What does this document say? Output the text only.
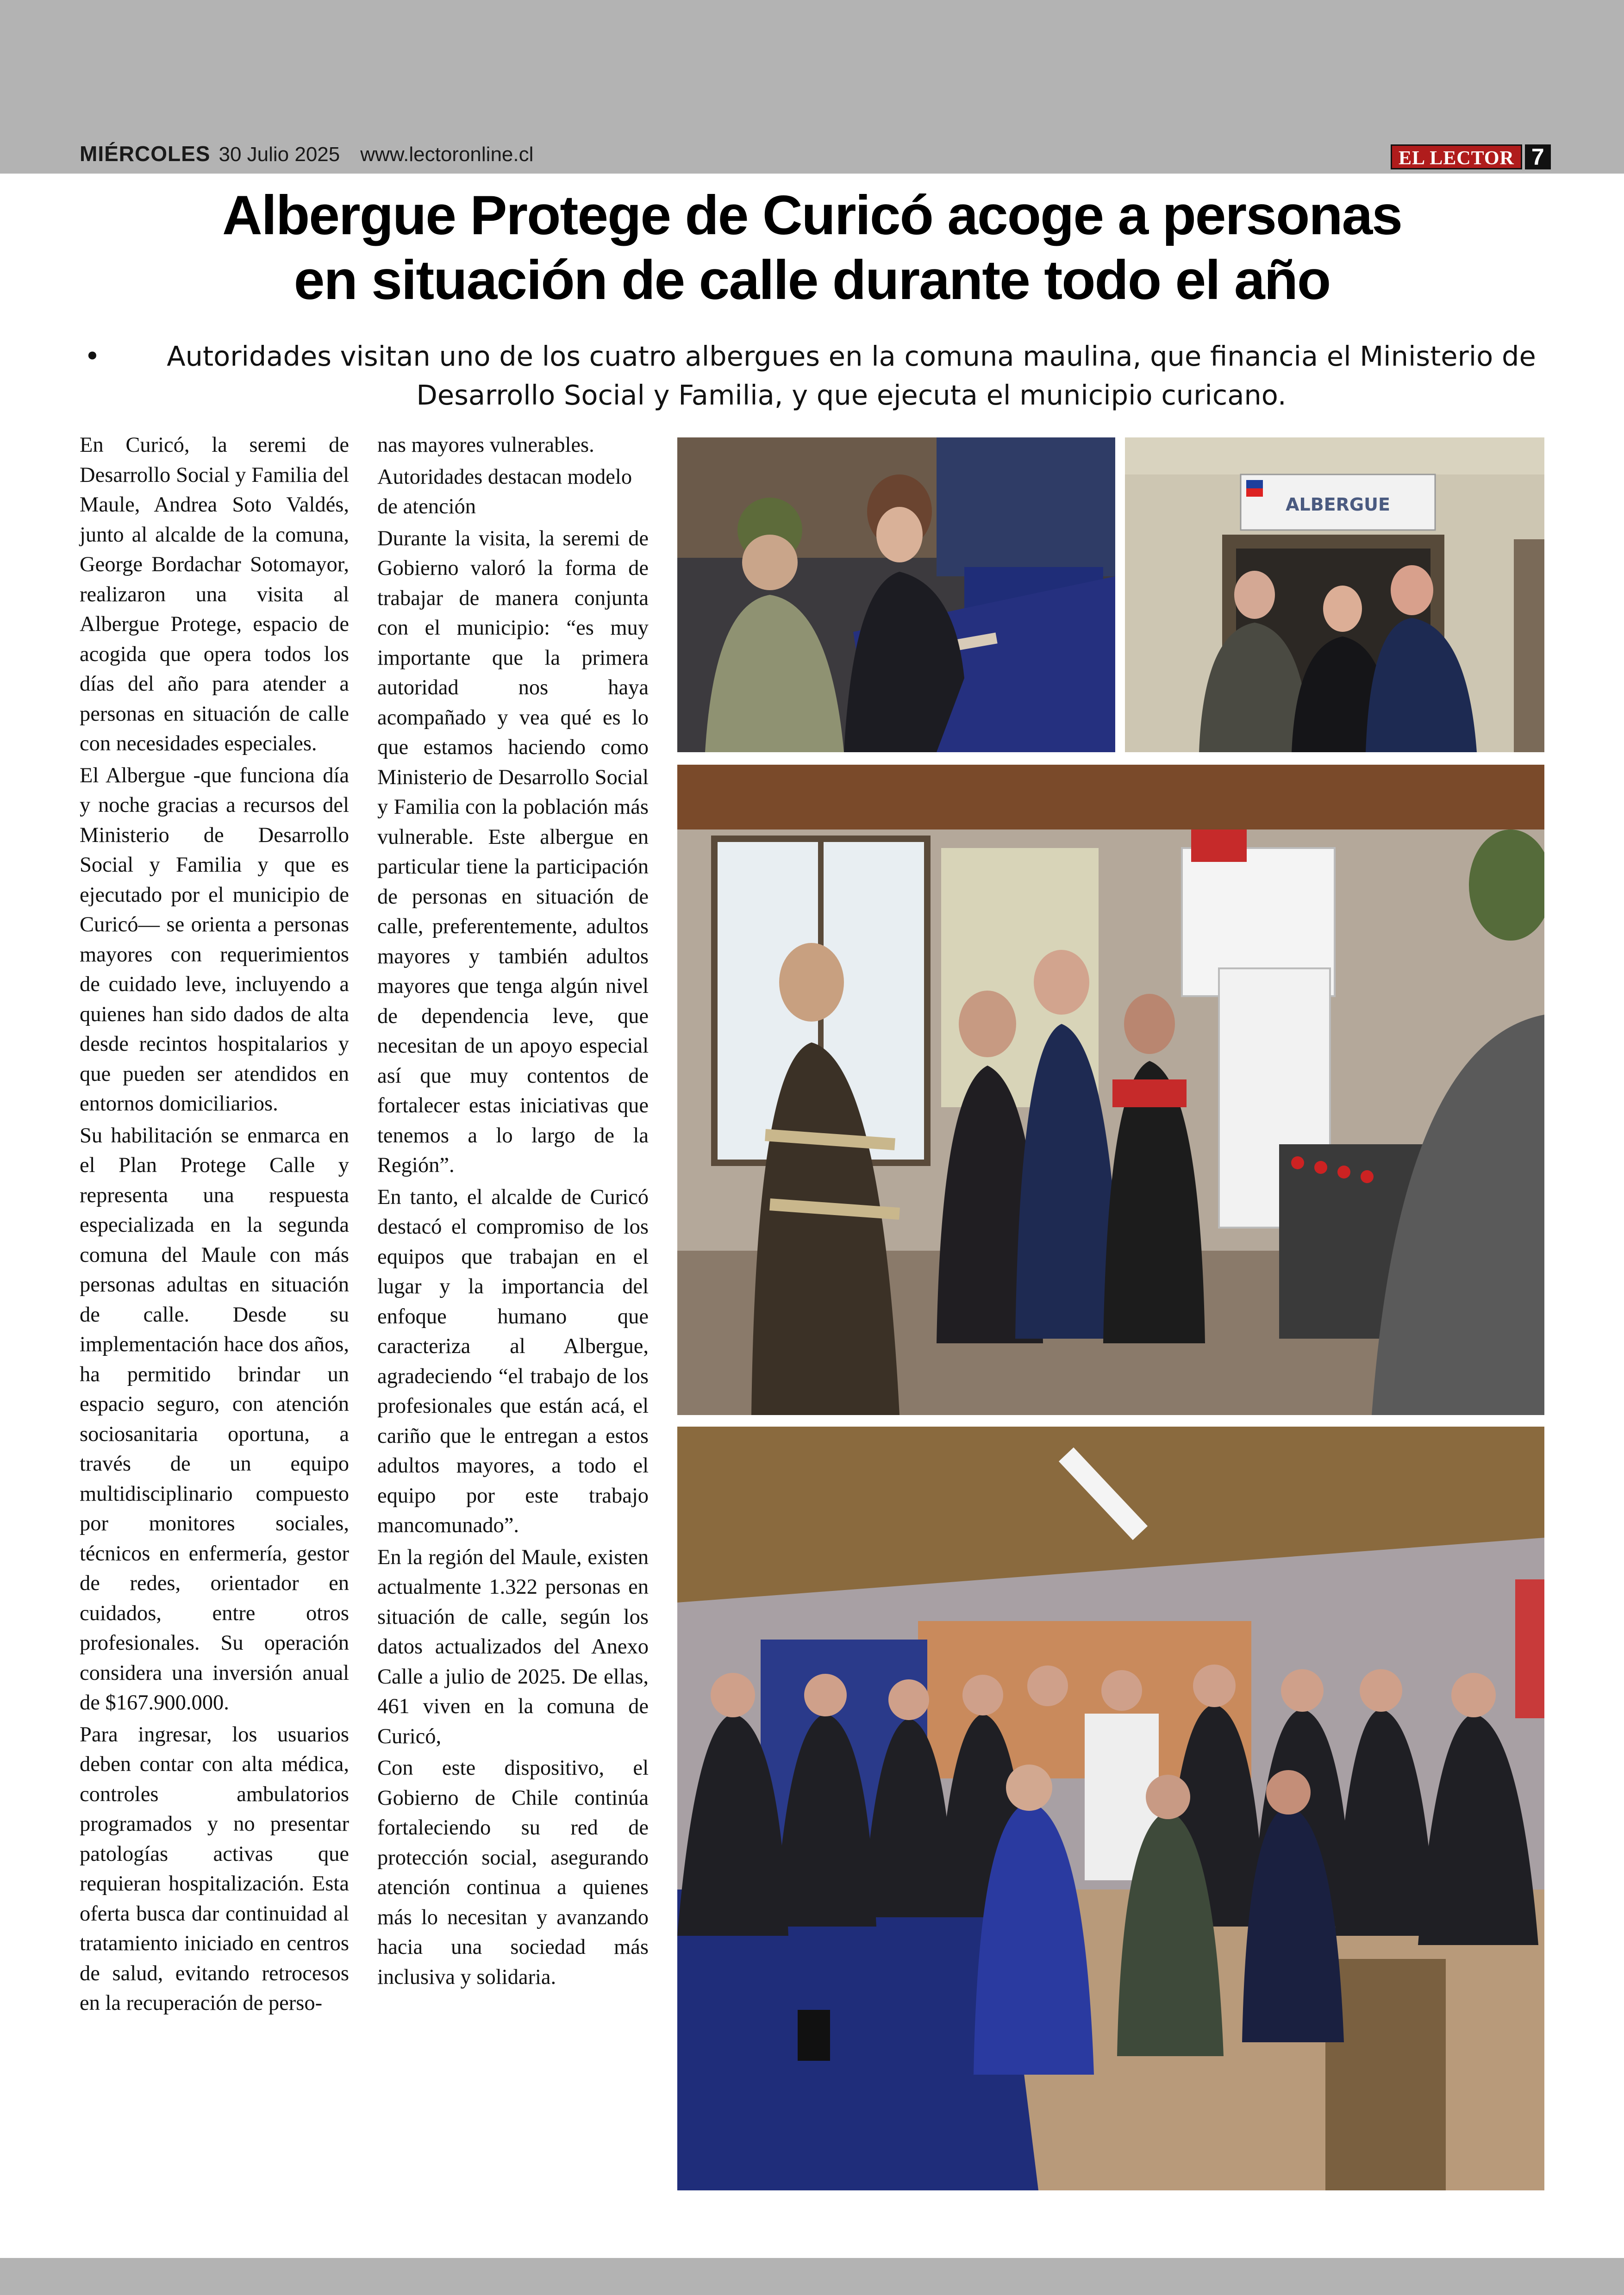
MIÉRCOLES 30 Julio 2025 www.lectoronline.cl	EL LECTOR 7
Albergue Protege de Curicó acoge a personas
en situación de calle durante todo el año
•	Autoridades visitan uno de los cuatro albergues en la comuna maulina, que financia el Ministerio de Desarrollo Social y Familia, y que ejecuta el municipio curicano.

En Curicó, la seremi de Desarrollo Social y Familia del Maule, Andrea Soto Valdés, junto al alcalde de la comuna, George Bordachar Sotomayor, realizaron una visita al Albergue Protege, espacio de acogida que opera todos los días del año para atender a personas en situación de calle con necesidades especiales.

El Albergue -que funciona día y noche gracias a recursos del Ministerio de Desarrollo Social y Familia y que es ejecutado por el municipio de Curicó— se orienta a personas mayores con requerimientos de cuidado leve, incluyendo a quienes han sido dados de alta desde recintos hospitalarios y que pueden ser atendidos en entornos domiciliarios.

Su habilitación se enmarca en el Plan Protege Calle y representa una respuesta especializada en la segunda comuna del Maule con más personas adultas en situación de calle. Desde su implementación hace dos años, ha permitido brindar un espacio seguro, con atención sociosanitaria oportuna, a través de un equipo multidisciplinario compuesto por monitores sociales, técnicos en enfermería, gestor de redes, orientador en cuidados, entre otros profesionales. Su operación considera una inversión anual de $167.900.000.

Para ingresar, los usuarios deben contar con alta médica, controles ambulatorios programados y no presentar patologías activas que requieran hospitalización. Esta oferta busca dar continuidad al tratamiento iniciado en centros de salud, evitando retrocesos en la recuperación de perso-

nas mayores vulnerables.

Autoridades destacan modelo de atención

Durante la visita, la seremi de Gobierno valoró la forma de trabajar de manera conjunta con el municipio: “es muy importante que la primera autoridad nos haya acompañado y vea qué es lo que estamos haciendo como Ministerio de Desarrollo Social y Familia con la población más vulnerable. Este albergue en particular tiene la participación de personas en situación de calle, preferentemente, adultos mayores y también adultos mayores que tenga algún nivel de dependencia leve, que necesitan de un apoyo especial así que muy contentos de fortalecer estas iniciativas que tenemos a lo largo de la Región”.

En tanto, el alcalde de Curicó destacó el compromiso de los equipos que trabajan en el lugar y la importancia del enfoque humano que caracteriza al Albergue, agradeciendo “el trabajo de los profesionales que están acá, el cariño que le entregan a estos adultos mayores, a todo el equipo por este trabajo mancomunado”.

En la región del Maule, existen actualmente 1.322 personas en situación de calle, según los datos actualizados del Anexo Calle a julio de 2025. De ellas, 461 viven en la comuna de Curicó,

Con este dispositivo, el Gobierno de Chile continúa fortaleciendo su red de protección social, asegurando atención continua a quienes más lo necesitan y avanzando hacia una sociedad más inclusiva y solidaria.

ALBERGUE
